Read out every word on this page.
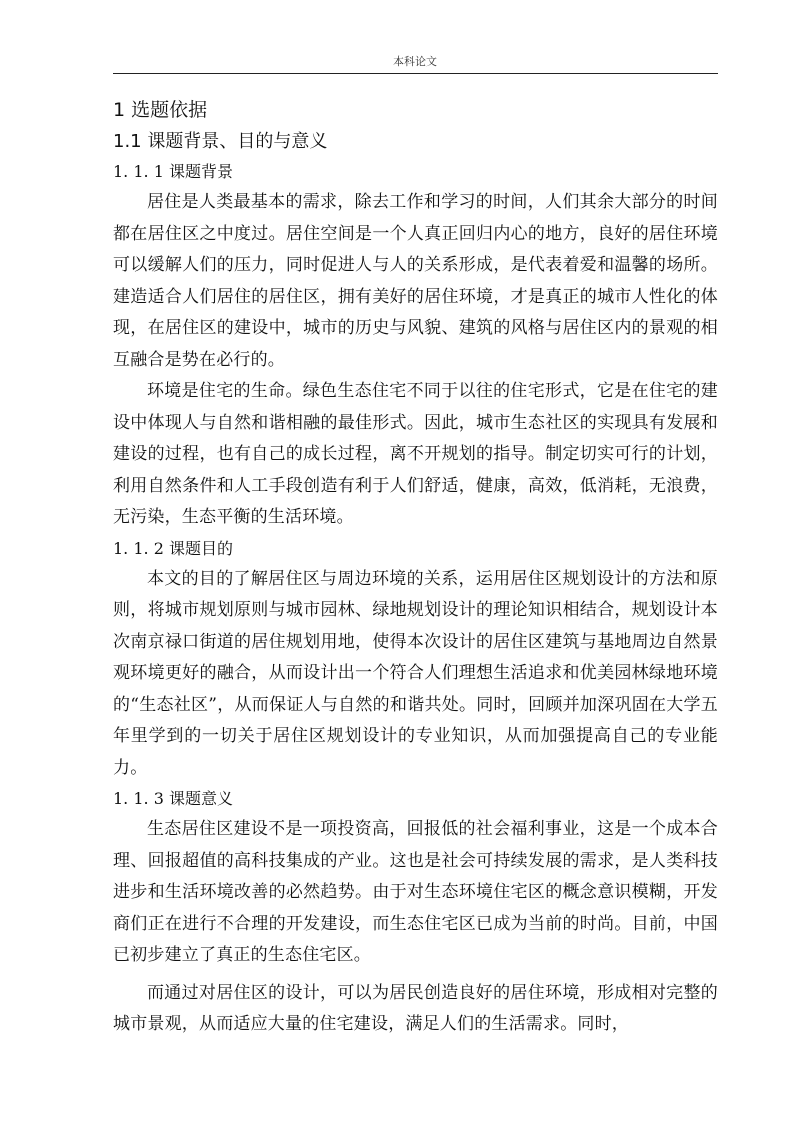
本科论文
1 选题依据
1.1 课题背景、目的与意义
1. 1. 1 课题背景

居住是人类最基本的需求，除去工作和学习的时间，人们其余大部分的时间都在居住区之中度过。居住空间是一个人真正回归内心的地方，良好的居住环境可以缓解人们的压力，同时促进人与人的关系形成，是代表着爱和温馨的场所。建造适合人们居住的居住区，拥有美好的居住环境，才是真正的城市人性化的体现，在居住区的建设中，城市的历史与风貌、建筑的风格与居住区内的景观的相互融合是势在必行的。

环境是住宅的生命。绿色生态住宅不同于以往的住宅形式，它是在住宅的建设中体现人与自然和谐相融的最佳形式。因此，城市生态社区的实现具有发展和建设的过程，也有自己的成长过程，离不开规划的指导。制定切实可行的计划，利用自然条件和人工手段创造有利于人们舒适，健康，高效，低消耗，无浪费，无污染，生态平衡的生活环境。

1. 1. 2 课题目的

本文的目的了解居住区与周边环境的关系，运用居住区规划设计的方法和原则，将城市规划原则与城市园林、绿地规划设计的理论知识相结合，规划设计本次南京禄口街道的居住规划用地，使得本次设计的居住区建筑与基地周边自然景观环境更好的融合，从而设计出一个符合人们理想生活追求和优美园林绿地环境的“生态社区”，从而保证人与自然的和谐共处。同时，回顾并加深巩固在大学五年里学到的一切关于居住区规划设计的专业知识，从而加强提高自己的专业能力。

1. 1. 3 课题意义

生态居住区建设不是一项投资高，回报低的社会福利事业，这是一个成本合理、回报超值的高科技集成的产业。这也是社会可持续发展的需求，是人类科技进步和生活环境改善的必然趋势。由于对生态环境住宅区的概念意识模糊，开发商们正在进行不合理的开发建设，而生态住宅区已成为当前的时尚。目前，中国已初步建立了真正的生态住宅区。

而通过对居住区的设计，可以为居民创造良好的居住环境，形成相对完整的城市景观，从而适应大量的住宅建设，满足人们的生活需求。同时，
